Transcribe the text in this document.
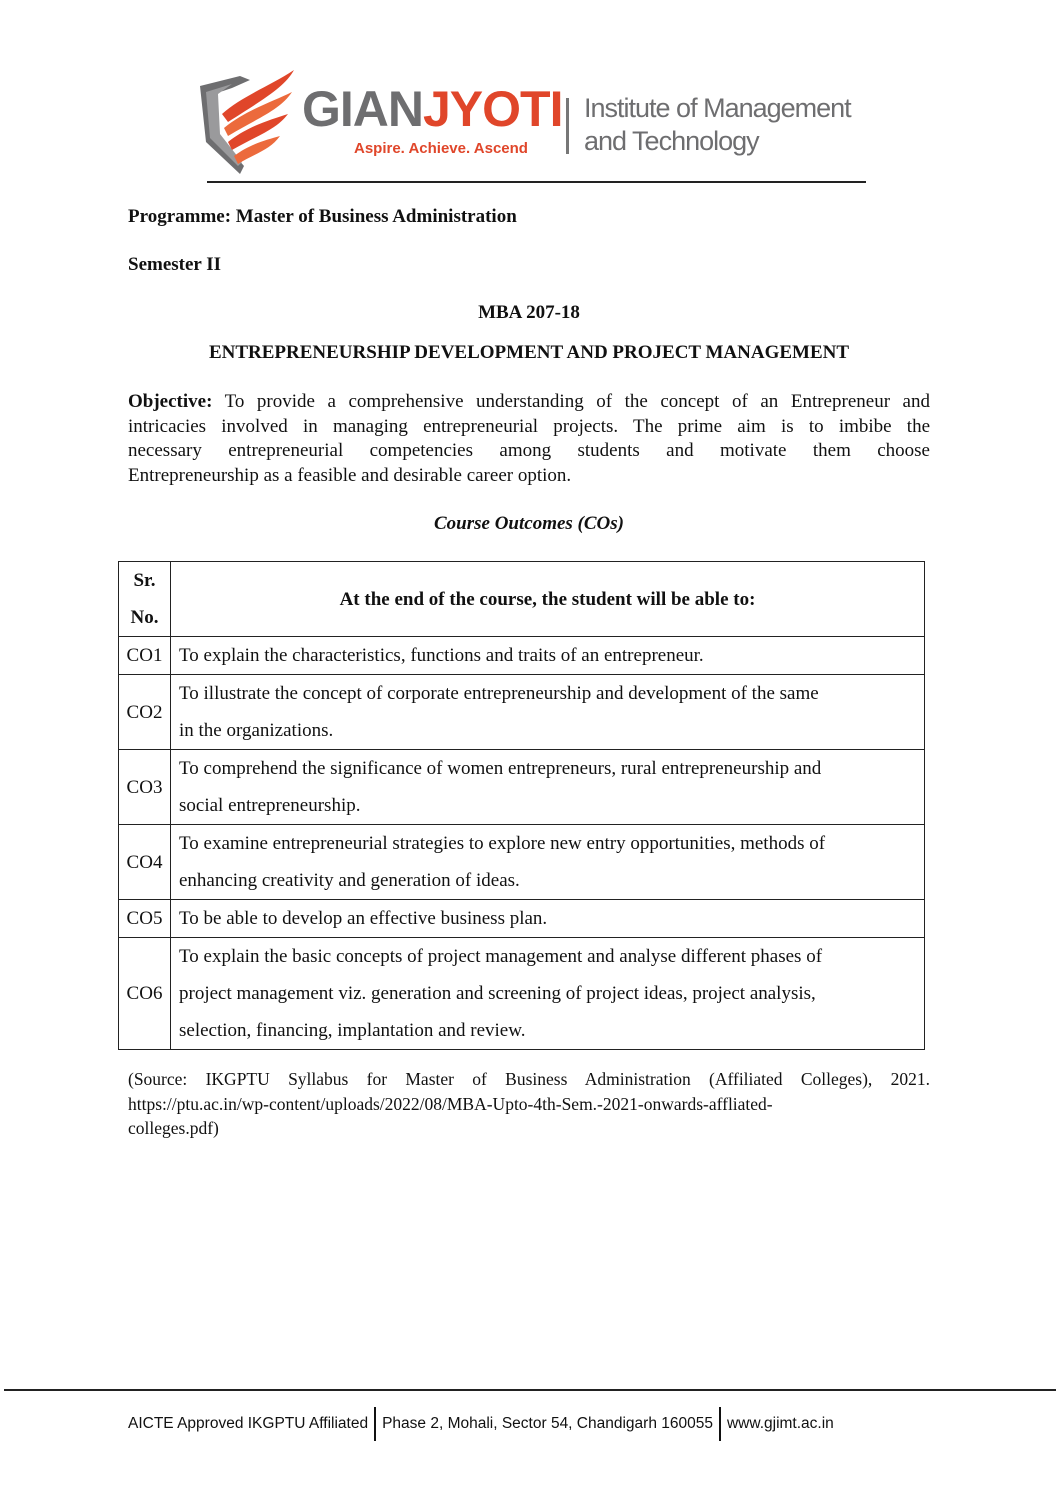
GIANJYOTI
Aspire. Achieve. Ascend
Institute of Management
and Technology
Programme: Master of Business Administration
Semester II
MBA 207-18
ENTREPRENEURSHIP DEVELOPMENT AND PROJECT MANAGEMENT
Objective: To provide a comprehensive understanding of the concept of an Entrepreneur and
intricacies involved in managing entrepreneurial projects. The prime aim is to imbibe the
necessary entrepreneurial competencies among students and motivate them choose
Entrepreneurship as a feasible and desirable career option.
Course Outcomes (COs)
Sr.
No.	At the end of the course, the student will be able to:
CO1	To explain the characteristics, functions and traits of an entrepreneur.

CO2	To illustrate the concept of corporate entrepreneurship and development of the same
in the organizations.

CO3	To comprehend the significance of women entrepreneurs, rural entrepreneurship and
social entrepreneurship.

CO4	To examine entrepreneurial strategies to explore new entry opportunities, methods of
enhancing creativity and generation of ideas.

CO5	To be able to develop an effective business plan.

CO6	To explain the basic concepts of project management and analyse different phases of
project management viz. generation and screening of project ideas, project analysis,
selection, financing, implantation and review.
(Source: IKGPTU Syllabus for Master of Business Administration (Affiliated Colleges), 2021.
https://ptu.ac.in/wp-content/uploads/2022/08/MBA-Upto-4th-Sem.-2021-onwards-affliated-
colleges.pdf)
AICTE Approved IKGPTU Affiliated Phase 2, Mohali, Sector 54, Chandigarh 160055 www.gjimt.ac.in
